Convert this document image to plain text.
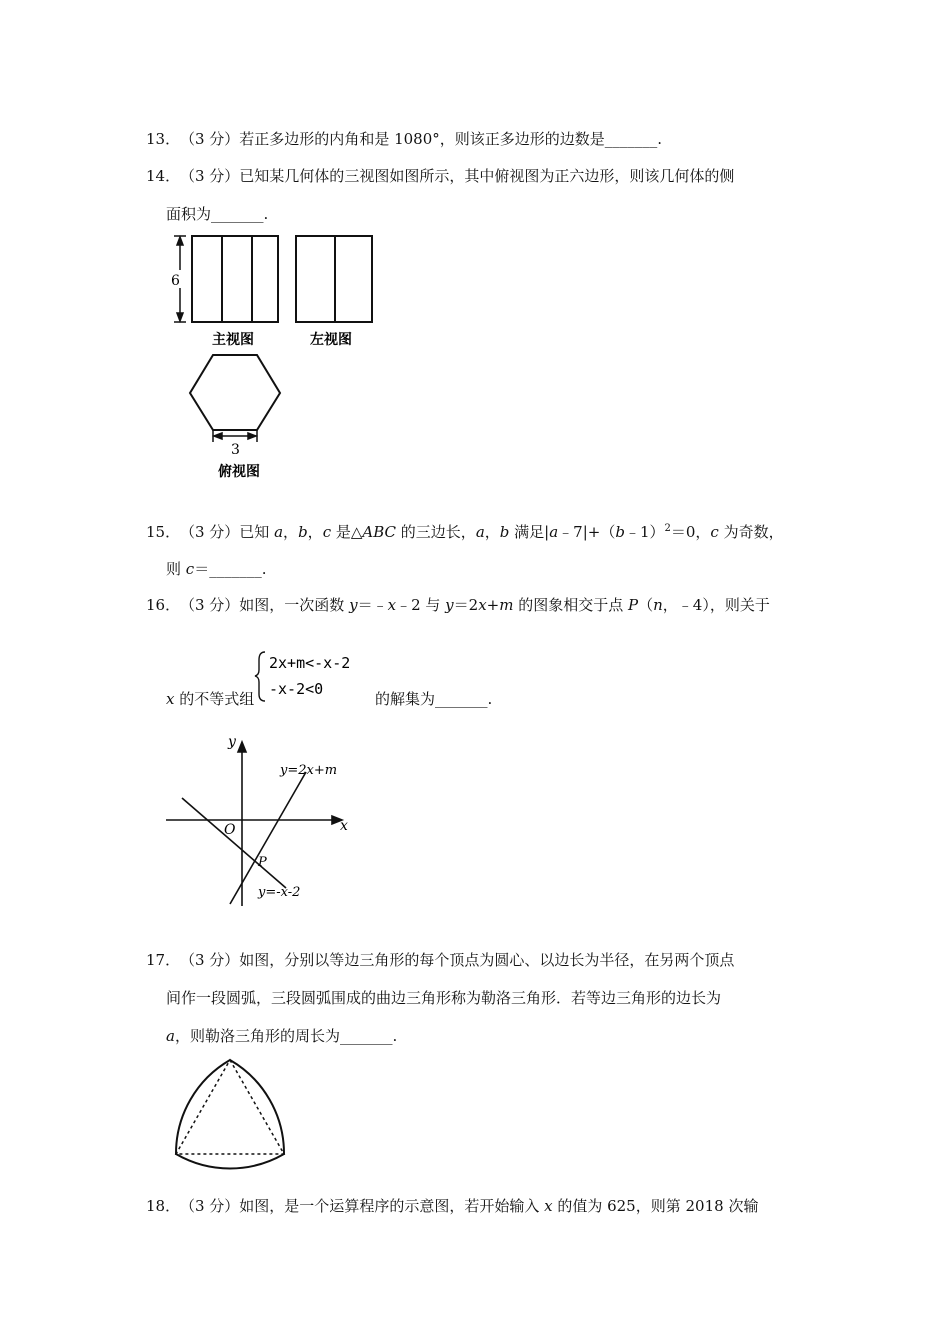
13． （3 分）若正多边形的内角和是 1080°，则该正多边形的边数是_______.
14． （3 分）已知某几何体的三视图如图所示，其中俯视图为正六边形，则该几何体的侧
面积为_______.
6
主视图	左视图
3
俯视图
15． （3 分）已知 a，b，c 是△ABC 的三边长，a，b 满足|a﹣7|+（b﹣1）$^2$＝0，c 为奇数，
则 c＝_______.
16． （3 分）如图，一次函数 y＝﹣x﹣2 与 y＝2x+m 的图象相交于点 P（n，﹣4），则关于
x 的不等式组
2x+m<-x-2
-x-2<0
的解集为_______.
y
x
O
y=2x+m
y=-x-2
P
17． （3 分）如图，分别以等边三角形的每个顶点为圆心、以边长为半径，在另两个顶点
间作一段圆弧，三段圆弧围成的曲边三角形称为勒洛三角形．若等边三角形的边长为
a，则勒洛三角形的周长为_______.
18． （3 分）如图，是一个运算程序的示意图，若开始输入 x 的值为 625，则第 2018 次输
